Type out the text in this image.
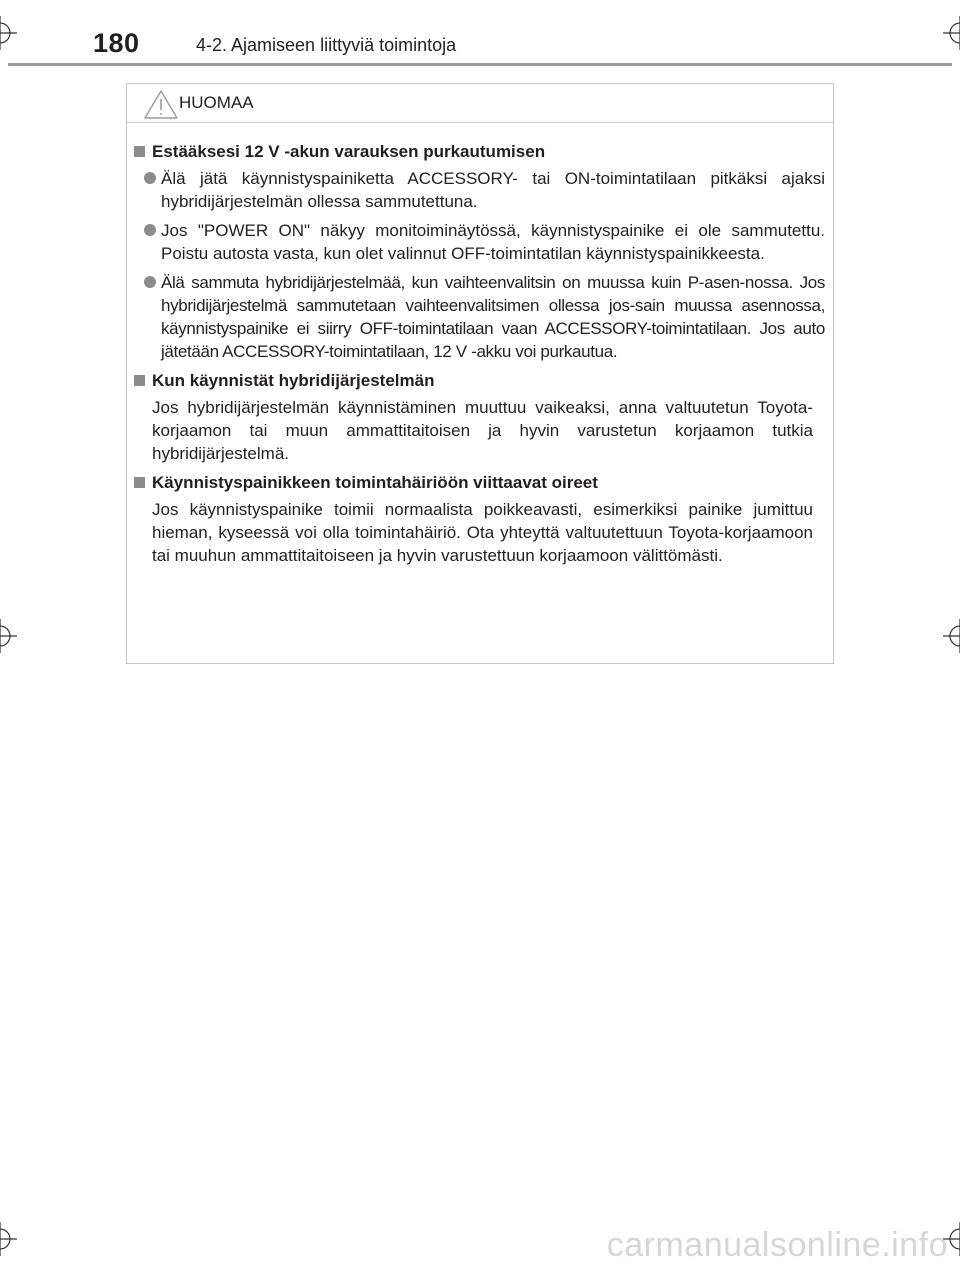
180	4-2. Ajamiseen liittyviä toimintoja
HUOMAA
Estääksesi 12 V -akun varauksen purkautumisen
Älä jätä käynnistyspainiketta ACCESSORY- tai ON-toimintatilaan pitkäksi ajaksi hybridijärjestelmän ollessa sammutettuna.
Jos "POWER ON" näkyy monitoiminäytössä, käynnistyspainike ei ole sammutettu. Poistu autosta vasta, kun olet valinnut OFF-toimintatilan käynnistyspainikkeesta.
Älä sammuta hybridijärjestelmää, kun vaihteenvalitsin on muussa kuin P-asen-nossa. Jos hybridijärjestelmä sammutetaan vaihteenvalitsimen ollessa jos-sain muussa asennossa, käynnistyspainike ei siirry OFF-toimintatilaan vaan ACCESSORY-toimintatilaan. Jos auto jätetään ACCESSORY-toimintatilaan, 12 V -akku voi purkautua.
Kun käynnistät hybridijärjestelmän
Jos hybridijärjestelmän käynnistäminen muuttuu vaikeaksi, anna valtuutetun Toyota-korjaamon tai muun ammattitaitoisen ja hyvin varustetun korjaamon tutkia hybridijärjestelmä.
Käynnistyspainikkeen toimintahäiriöön viittaavat oireet
Jos käynnistyspainike toimii normaalista poikkeavasti, esimerkiksi painike jumittuu hieman, kyseessä voi olla toimintahäiriö. Ota yhteyttä valtuutettuun Toyota-korjaamoon tai muuhun ammattitaitoiseen ja hyvin varustettuun korjaamoon välittömästi.
carmanualsonline.info
